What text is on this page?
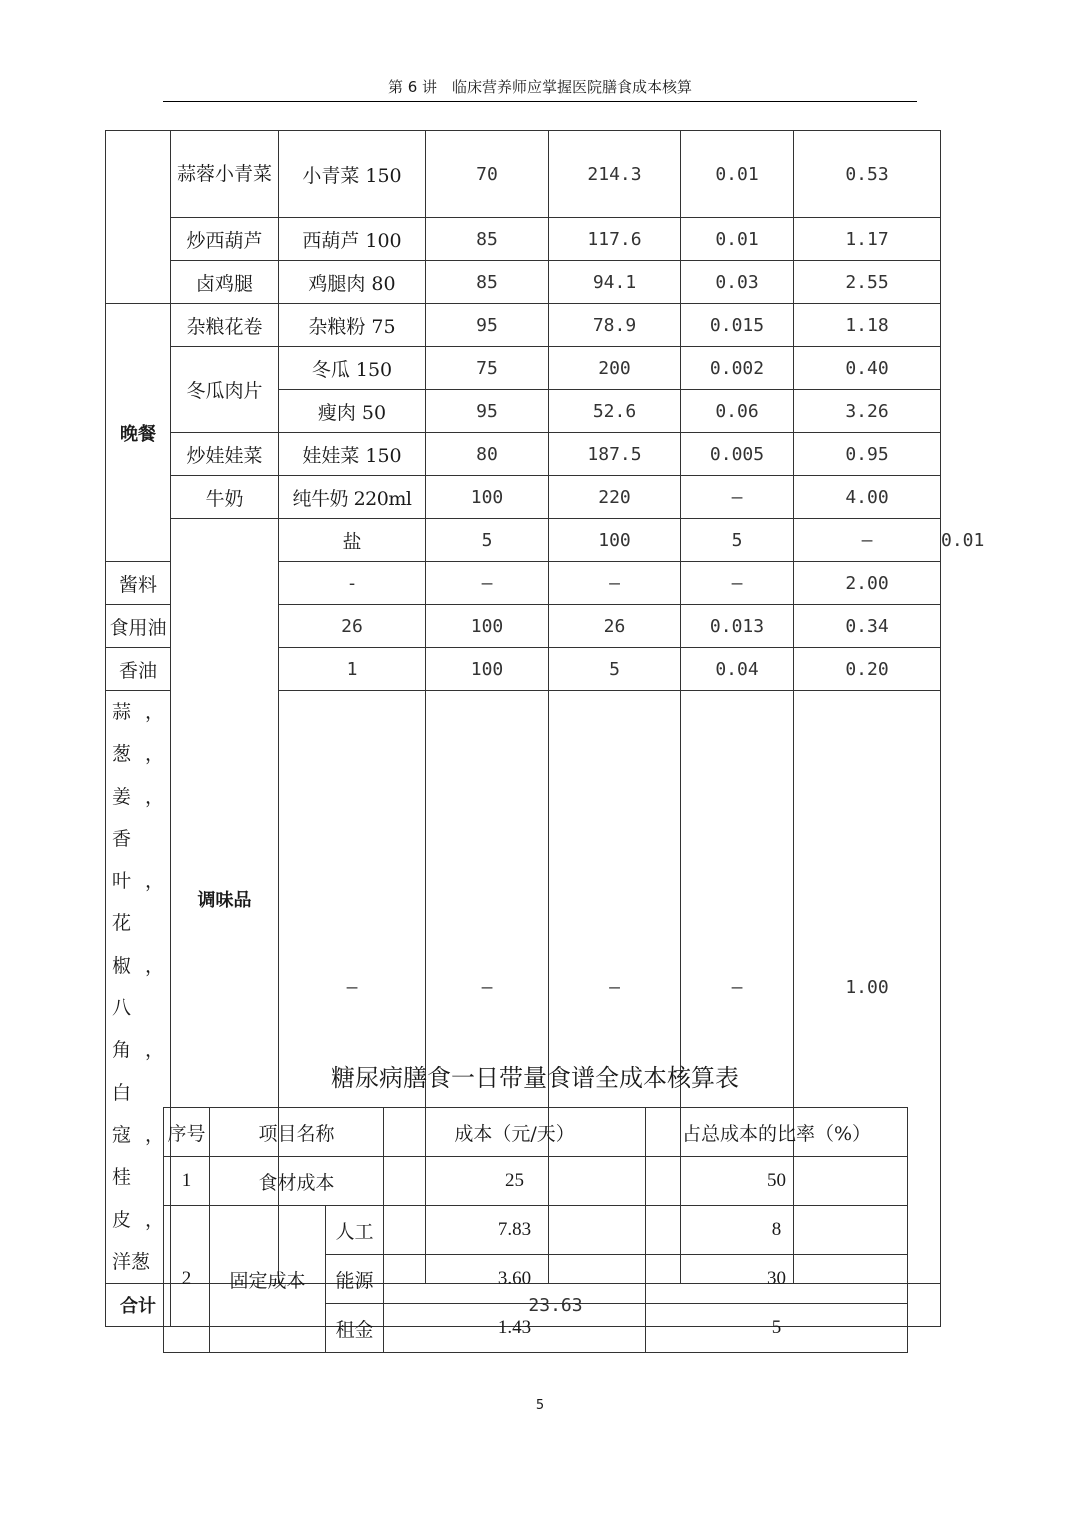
第 6 讲　临床营养师应掌握医院膳食成本核算
	蒜蓉小青菜	小青菜 150	70	214.3	0.01	0.53	
	炒西葫芦	西葫芦 100	85	117.6	0.01	1.17	
	卤鸡腿	鸡腿肉 80	85	94.1	0.03	2.55	
晚餐	杂粮花卷	杂粮粉 75	95	78.9	0.015	1.18	
	冬瓜肉片	冬瓜 150	75	200	0.002	0.40	
		瘦肉 50	95	52.6	0.06	3.26	
	炒娃娃菜	娃娃菜 150	80	187.5	0.005	0.95	
	牛奶	纯牛奶 220ml	100	220	–	4.00	
	调味品	盐	5	100	5	–	0.01
酱料		-	–	–	–	2.00	
食用油		26	100	26	0.013	0.34	
香油		1	100	5	0.04	0.20	
蒜，葱，姜，香叶，花椒，八角，白寇，桂皮，洋葱		–	–	–	–	1.00	
合计	23.63						
糖尿病膳食一日带量食谱全成本核算表
序号	项目名称		成本（元/天）	占总成本的比率（%）
1	食材成本		25	50
2	固定成本	人工	7.83	8
		能源	3.60	30
		租金	1.43	5
5
